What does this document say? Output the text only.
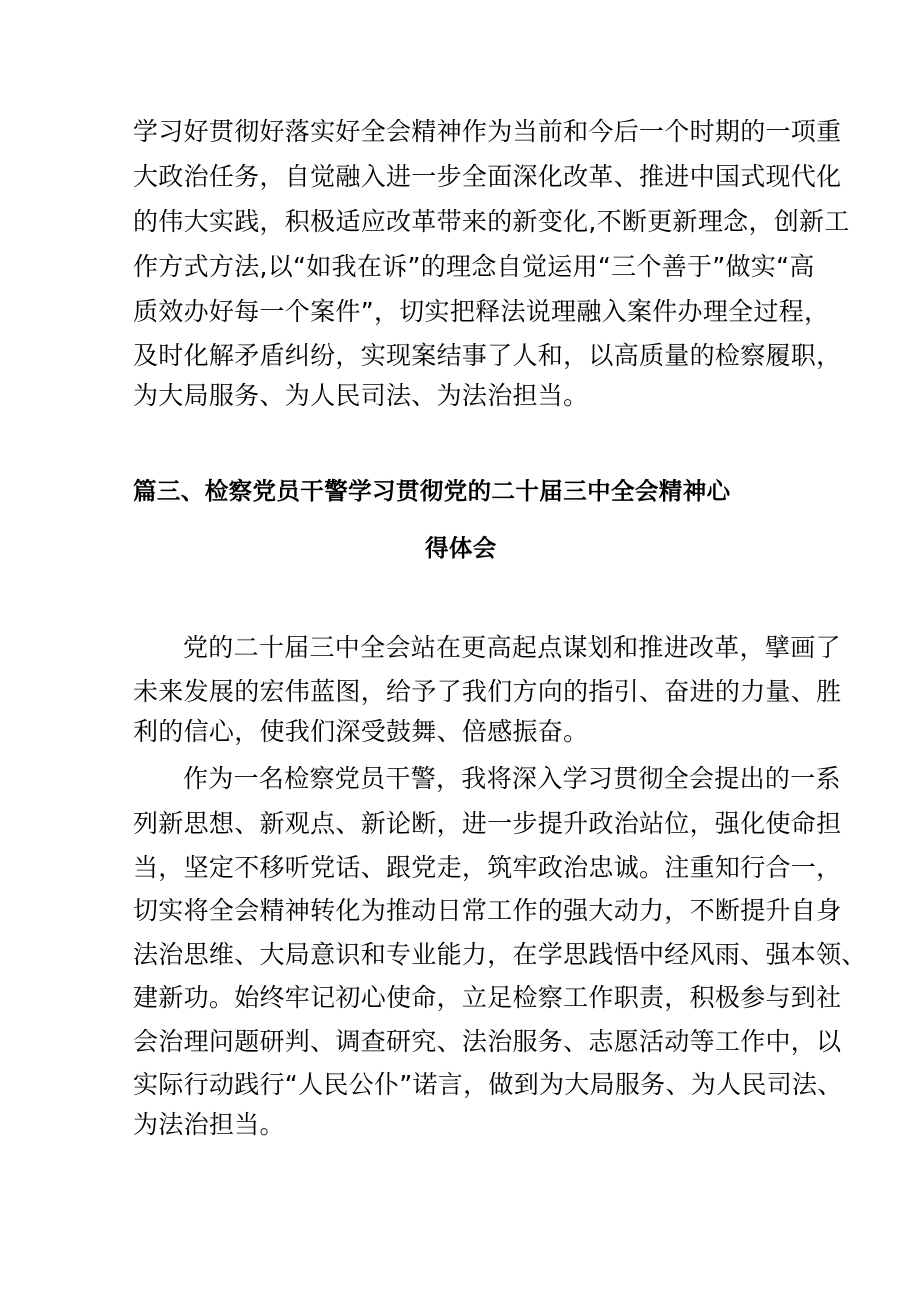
学习好贯彻好落实好全会精神作为当前和今后一个时期的一项重
大政治任务，自觉融入进一步全面深化改革、推进中国式现代化
的伟大实践，积极适应改革带来的新变化,不断更新理念，创新工
作方式方法,以“如我在诉”的理念自觉运用“三个善于”做实“高
质效办好每一个案件”，切实把释法说理融入案件办理全过程，
及时化解矛盾纠纷，实现案结事了人和，以高质量的检察履职，
为大局服务、为人民司法、为法治担当。
篇三、检察党员干警学习贯彻党的二十届三中全会精神心
得体会
党的二十届三中全会站在更高起点谋划和推进改革，擘画了
未来发展的宏伟蓝图，给予了我们方向的指引、奋进的力量、胜
利的信心，使我们深受鼓舞、倍感振奋。
作为一名检察党员干警，我将深入学习贯彻全会提出的一系
列新思想、新观点、新论断，进一步提升政治站位，强化使命担
当，坚定不移听党话、跟党走，筑牢政治忠诚。注重知行合一，
切实将全会精神转化为推动日常工作的强大动力，不断提升自身
法治思维、大局意识和专业能力，在学思践悟中经风雨、强本领、
建新功。始终牢记初心使命，立足检察工作职责，积极参与到社
会治理问题研判、调查研究、法治服务、志愿活动等工作中，以
实际行动践行“人民公仆”诺言，做到为大局服务、为人民司法、
为法治担当。
